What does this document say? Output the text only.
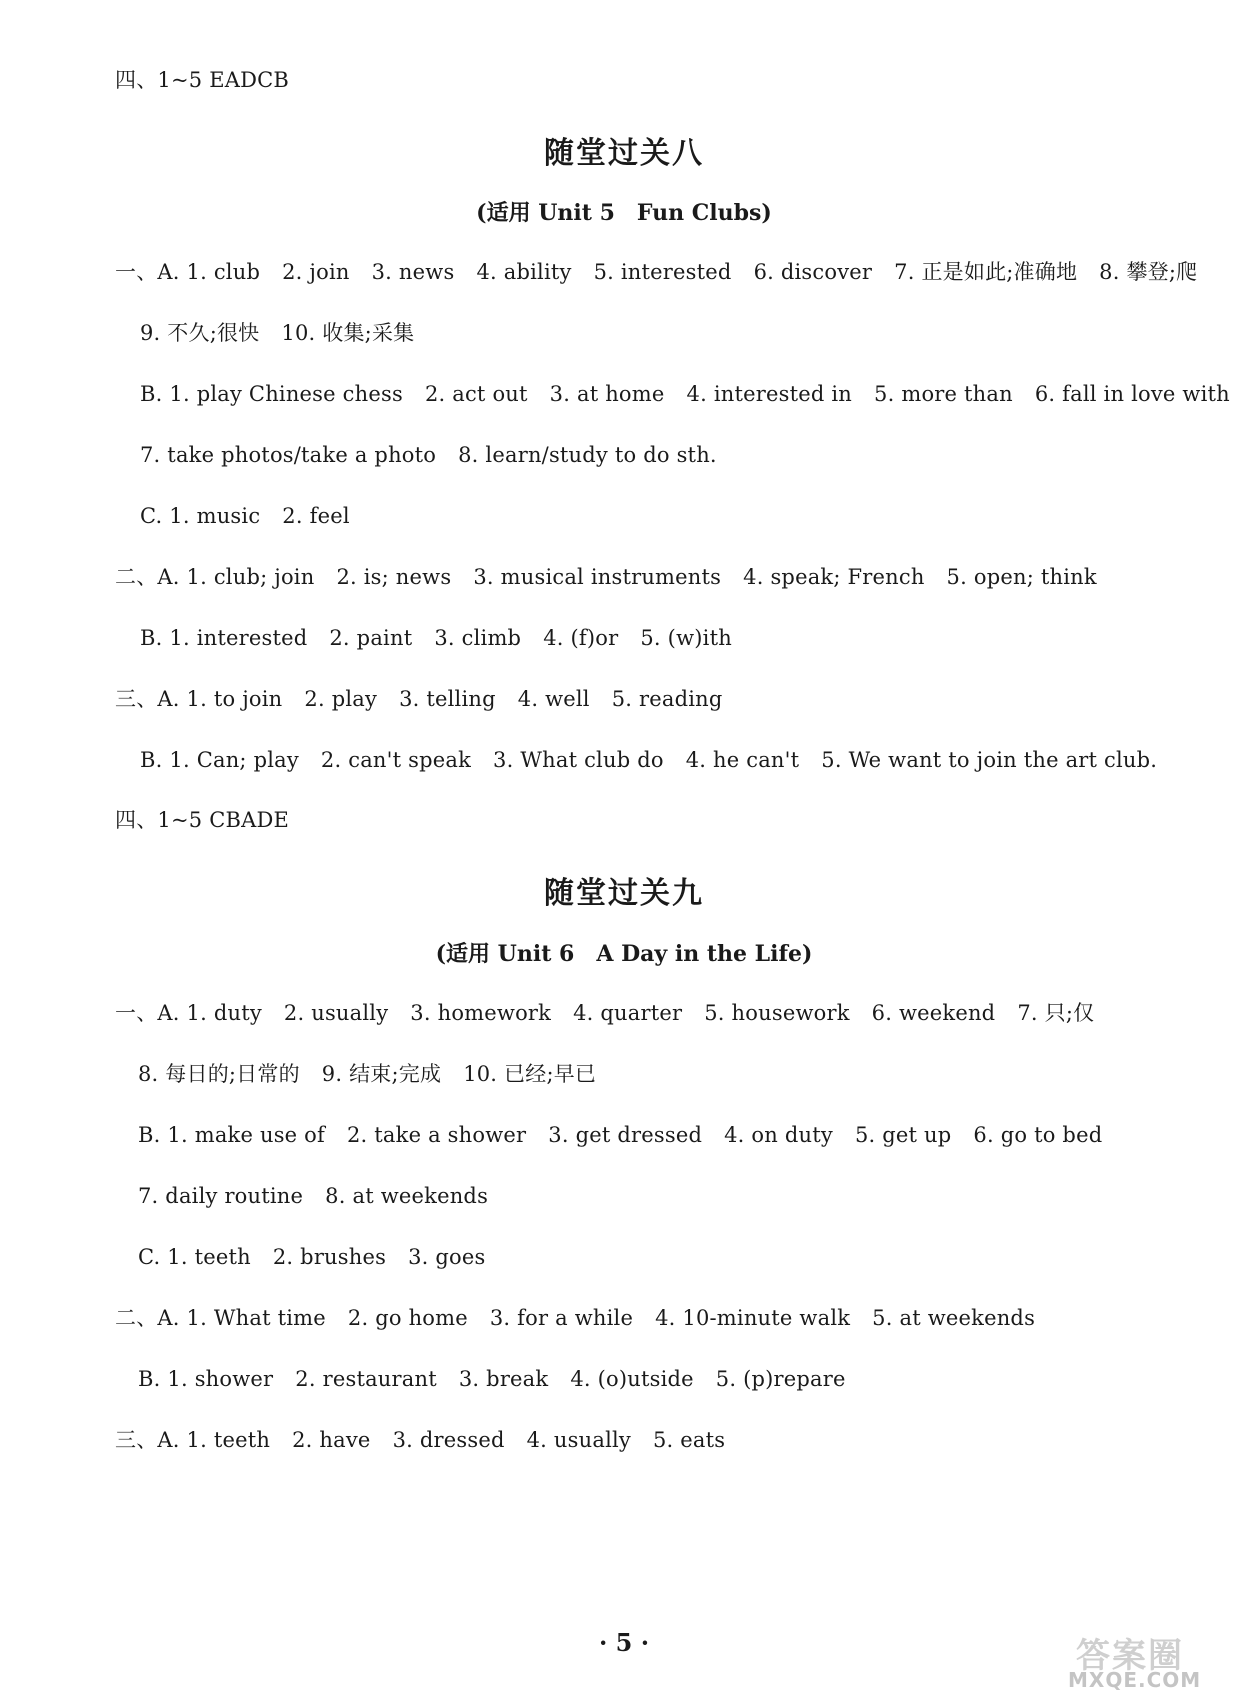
四、1~5 EADCB
随堂过关八
(适用 Unit 5　Fun Clubs)
一、A. 1. club 2. join 3. news 4. ability 5. interested 6. discover 7. 正是如此;准确地 8. 攀登;爬
9. 不久;很快 10. 收集;采集
B. 1. play Chinese chess 2. act out 3. at home 4. interested in 5. more than 6. fall in love with
7. take photos/take a photo 8. learn/study to do sth.
C. 1. music 2. feel
二、A. 1. club; join 2. is; news 3. musical instruments 4. speak; French 5. open; think
B. 1. interested 2. paint 3. climb 4. (f)or 5. (w)ith
三、A. 1. to join 2. play 3. telling 4. well 5. reading
B. 1. Can; play 2. can't speak 3. What club do 4. he can't 5. We want to join the art club.
四、1~5 CBADE
随堂过关九
(适用 Unit 6　A Day in the Life)
一、A. 1. duty 2. usually 3. homework 4. quarter 5. housework 6. weekend 7. 只;仅
8. 每日的;日常的 9. 结束;完成 10. 已经;早已
B. 1. make use of 2. take a shower 3. get dressed 4. on duty 5. get up 6. go to bed
7. daily routine 8. at weekends
C. 1. teeth 2. brushes 3. goes
二、A. 1. What time 2. go home 3. for a while 4. 10-minute walk 5. at weekends
B. 1. shower 2. restaurant 3. break 4. (o)utside 5. (p)repare
三、A. 1. teeth 2. have 3. dressed 4. usually 5. eats
· 5 ·	答案圈
MXQE.COM
